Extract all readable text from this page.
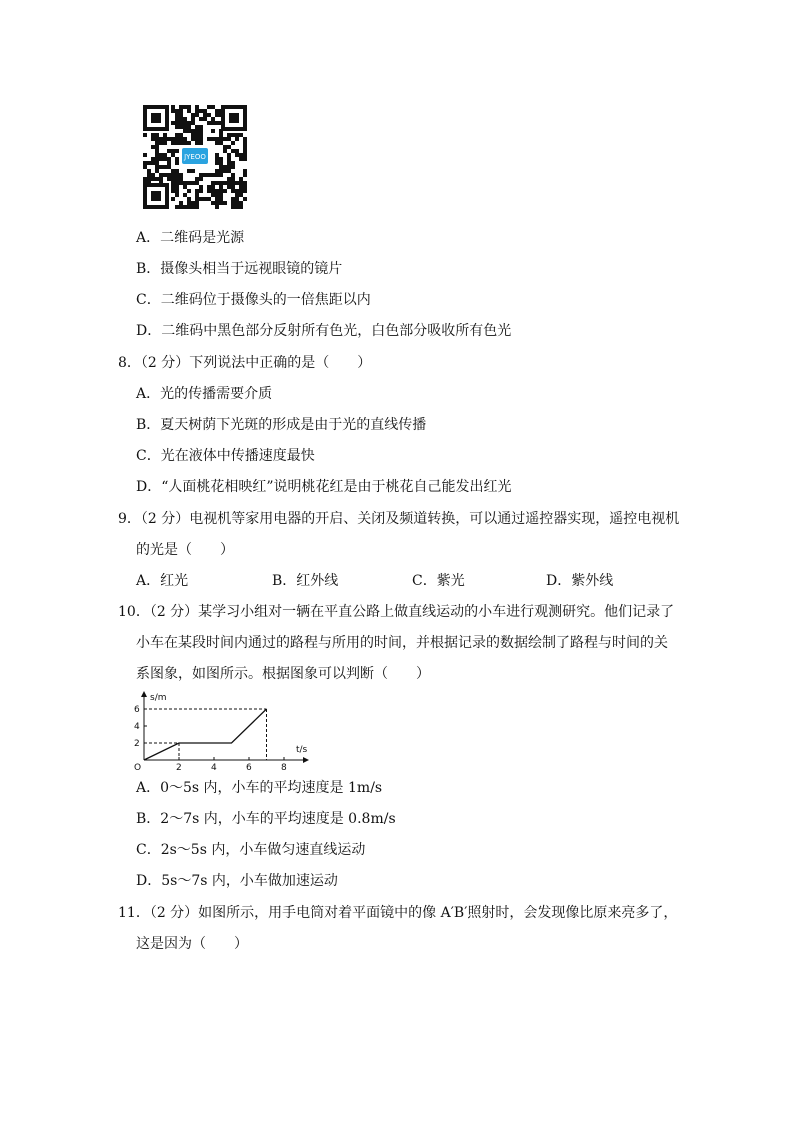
JYEOO
A．二维码是光源
B．摄像头相当于远视眼镜的镜片
C．二维码位于摄像头的一倍焦距以内
D．二维码中黑色部分反射所有色光，白色部分吸收所有色光
8．（2 分）下列说法中正确的是（　　）
A．光的传播需要介质
B．夏天树荫下光斑的形成是由于光的直线传播
C．光在液体中传播速度最快
D．“人面桃花相映红”说明桃花红是由于桃花自己能发出红光
9．（2 分）电视机等家用电器的开启、关闭及频道转换，可以通过遥控器实现，遥控电视机
的光是（　　）
A．红光	B．红外线	C．紫光	D．紫外线
10．（2 分）某学习小组对一辆在平直公路上做直线运动的小车进行观测研究。他们记录了
小车在某段时间内通过的路程与所用的时间，并根据记录的数据绘制了路程与时间的关
系图象，如图所示。根据图象可以判断（　　）
s/m
t/s
O	2	4	6	8
2
4
6
A．0～5s 内，小车的平均速度是 1m/s
B．2～7s 内，小车的平均速度是 0.8m/s
C．2s～5s 内，小车做匀速直线运动
D．5s～7s 内，小车做加速运动
11．（2 分）如图所示，用手电筒对着平面镜中的像 A′B′照射时，会发现像比原来亮多了，
这是因为（　　）
